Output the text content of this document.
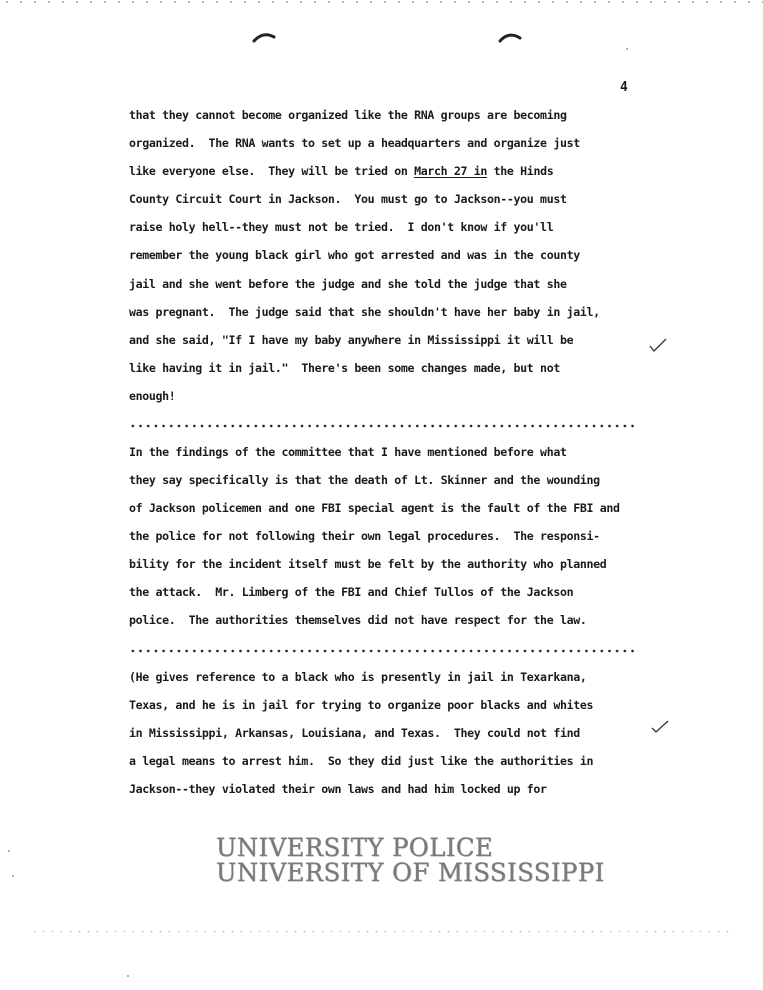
4
that they cannot become organized like the RNA groups are becoming
organized.  The RNA wants to set up a headquarters and organize just
like everyone else.  They will be tried on March 27 in the Hinds
County Circuit Court in Jackson.  You must go to Jackson--you must
raise holy hell--they must not be tried.  I don't know if you'll
remember the young black girl who got arrested and was in the county
jail and she went before the judge and she told the judge that she
was pregnant.  The judge said that she shouldn't have her baby in jail,
and she said, "If I have my baby anywhere in Mississippi it will be
like having it in jail."  There's been some changes made, but not
enough!
In the findings of the committee that I have mentioned before what
they say specifically is that the death of Lt. Skinner and the wounding
of Jackson policemen and one FBI special agent is the fault of the FBI and
the police for not following their own legal procedures.  The responsi-
bility for the incident itself must be felt by the authority who planned
the attack.  Mr. Limberg of the FBI and Chief Tullos of the Jackson
police.  The authorities themselves did not have respect for the law.
(He gives reference to a black who is presently in jail in Texarkana,
Texas, and he is in jail for trying to organize poor blacks and whites
in Mississippi, Arkansas, Louisiana, and Texas.  They could not find
a legal means to arrest him.  So they did just like the authorities in
Jackson--they violated their own laws and had him locked up for
UNIVERSITY POLICE
UNIVERSITY OF MISSISSIPPI
